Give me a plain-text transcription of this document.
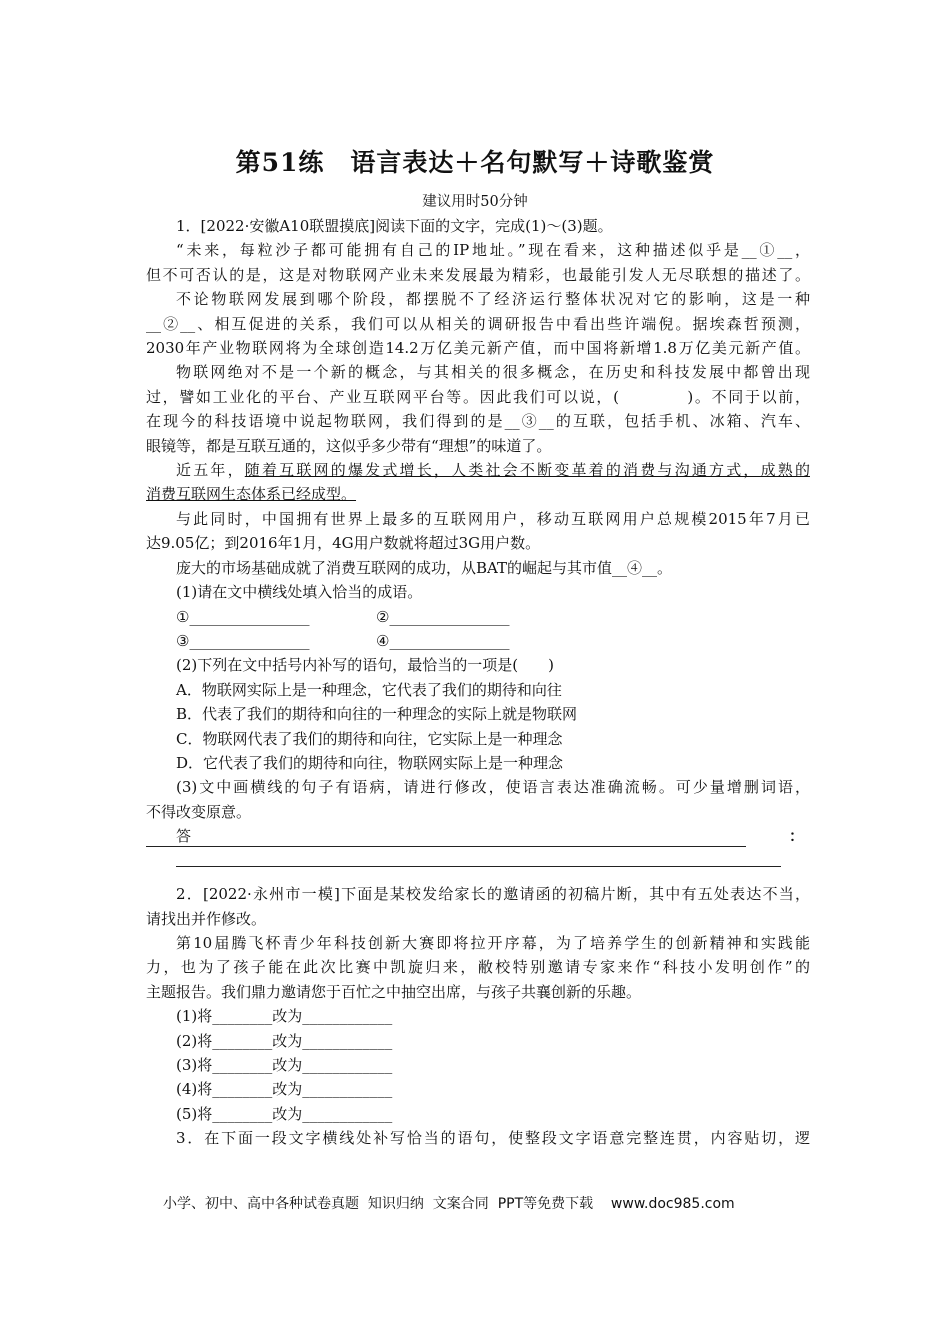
第51练　语言表达＋名句默写＋诗歌鉴赏
建议用时50分钟

1．[2022·安徽A10联盟摸底]阅读下面的文字，完成(1)～(3)题。

“未来，每粒沙子都可能拥有自己的IP地址。”现在看来，这种描述似乎是__①__，

但不可否认的是，这是对物联网产业未来发展最为精彩，也最能引发人无尽联想的描述了。

不论物联网发展到哪个阶段，都摆脱不了经济运行整体状况对它的影响，这是一种

__②__、相互促进的关系，我们可以从相关的调研报告中看出些许端倪。据埃森哲预测，

2030年产业物联网将为全球创造14.2万亿美元新产值，而中国将新增1.8万亿美元新产值。

物联网绝对不是一个新的概念，与其相关的很多概念，在历史和科技发展中都曾出现

过，譬如工业化的平台、产业互联网平台等。因此我们可以说，(　　　　)。不同于以前，

在现今的科技语境中说起物联网，我们得到的是__③__的互联，包括手机、冰箱、汽车、

眼镜等，都是互联互通的，这似乎多少带有“理想”的味道了。

近五年，随着互联网的爆发式增长，人类社会不断变革着的消费与沟通方式，成熟的

消费互联网生态体系已经成型。

与此同时，中国拥有世界上最多的互联网用户，移动互联网用户总规模2015年7月已

达9.05亿；到2016年1月，4G用户数就将超过3G用户数。

庞大的市场基础成就了消费互联网的成功，从BAT的崛起与其市值__④__。

(1)请在文中横线处填入恰当的成语。

①________________	②________________
③________________	④________________

(2)下列在文中括号内补写的语句，最恰当的一项是(　　)

A．物联网实际上是一种理念，它代表了我们的期待和向往

B．代表了我们的期待和向往的一种理念的实际上就是物联网

C．物联网代表了我们的期待和向往，它实际上是一种理念

D．它代表了我们的期待和向往，物联网实际上是一种理念

(3)文中画横线的句子有语病，请进行修改，使语言表达准确流畅。可少量增删词语，

不得改变原意。

答	：

2．[2022·永州市一模]下面是某校发给家长的邀请函的初稿片断，其中有五处表达不当，

请找出并作修改。

第10届腾飞杯青少年科技创新大赛即将拉开序幕，为了培养学生的创新精神和实践能

力，也为了孩子能在此次比赛中凯旋归来，敝校特别邀请专家来作“科技小发明创作”的

主题报告。我们鼎力邀请您于百忙之中抽空出席，与孩子共襄创新的乐趣。

(1)将________改为____________

(2)将________改为____________

(3)将________改为____________

(4)将________改为____________

(5)将________改为____________

3．在下面一段文字横线处补写恰当的语句，使整段文字语意完整连贯，内容贴切，逻

小学、初中、高中各种试卷真题  知识归纳  文案合同  PPT等免费下载    www.doc985.com
